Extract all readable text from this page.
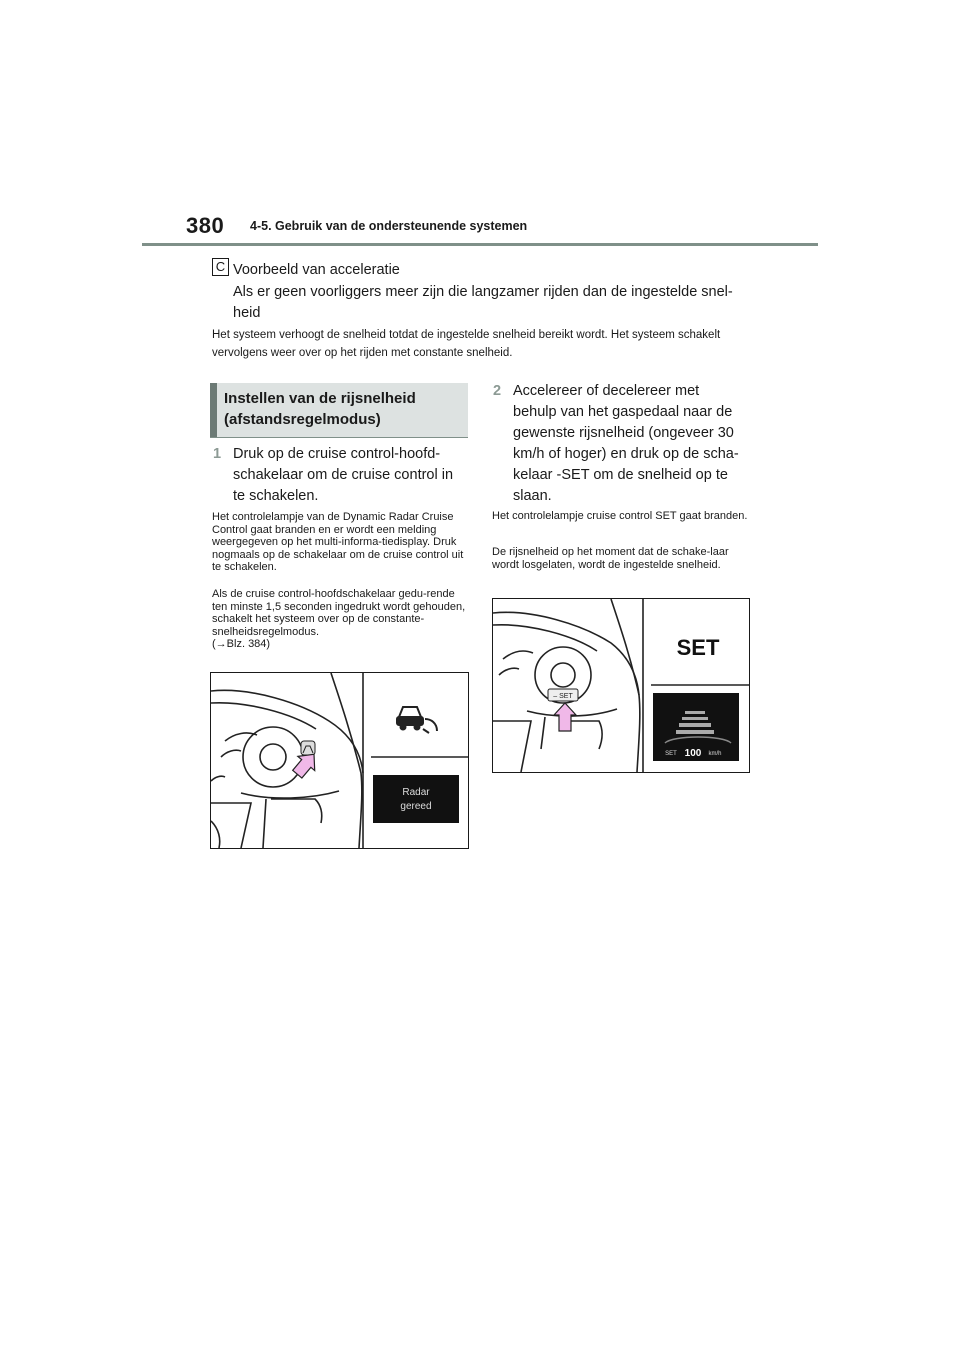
380 4-5. Gebruik van de ondersteunende systemen
C Voorbeeld van acceleratie
Als er geen voorliggers meer zijn die langzamer rijden dan de ingestelde snel-heid
Het systeem verhoogt de snelheid totdat de ingestelde snelheid bereikt wordt. Het systeem schakelt vervolgens weer over op het rijden met constante snelheid.
Instellen van de rijsnelheid
(afstandsregelmodus)
1 Druk op de cruise control-hoofd-schakelaar om de cruise control in te schakelen.
Het controlelampje van de Dynamic Radar Cruise Control gaat branden en er wordt een melding weergegeven op het multi-informa-tiedisplay. Druk nogmaals op de schakelaar om de cruise control uit te schakelen.
Als de cruise control-hoofdschakelaar gedu-rende ten minste 1,5 seconden ingedrukt wordt gehouden, schakelt het systeem over op de constante-snelheidsregelmodus.
(→Blz. 384)
2 Accelereer of decelereer met behulp van het gaspedaal naar de gewenste rijsnelheid (ongeveer 30 km/h of hoger) en druk op de scha-kelaar -SET om de snelheid op te slaan.
Het controlelampje cruise control SET gaat branden.
De rijsnelheid op het moment dat de schake-laar wordt losgelaten, wordt de ingestelde snelheid.
Radar
gereed
– SET
SET
SET 100 km/h
